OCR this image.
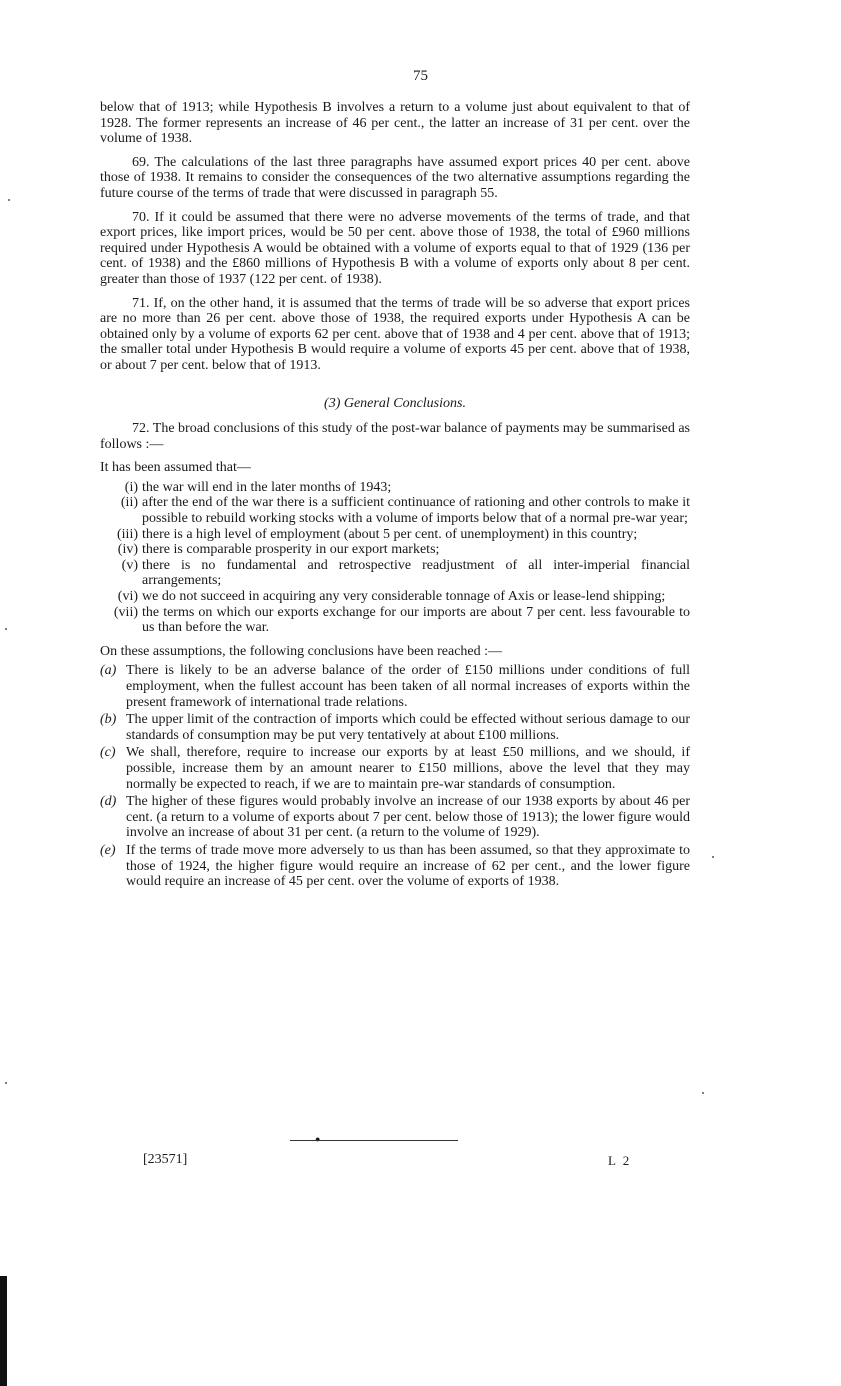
75

below that of 1913; while Hypothesis B involves a return to a volume just about equivalent to that of 1928. The former represents an increase of 46 per cent., the latter an increase of 31 per cent. over the volume of 1938.

69. The calculations of the last three paragraphs have assumed export prices 40 per cent. above those of 1938. It remains to consider the consequences of the two alternative assumptions regarding the future course of the terms of trade that were discussed in paragraph 55.

70. If it could be assumed that there were no adverse movements of the terms of trade, and that export prices, like import prices, would be 50 per cent. above those of 1938, the total of £960 millions required under Hypothesis A would be obtained with a volume of exports equal to that of 1929 (136 per cent. of 1938) and the £860 millions of Hypothesis B with a volume of exports only about 8 per cent. greater than those of 1937 (122 per cent. of 1938).

71. If, on the other hand, it is assumed that the terms of trade will be so adverse that export prices are no more than 26 per cent. above those of 1938, the required exports under Hypothesis A can be obtained only by a volume of exports 62 per cent. above that of 1938 and 4 per cent. above that of 1913; the smaller total under Hypothesis B would require a volume of exports 45 per cent. above that of 1938, or about 7 per cent. below that of 1913.

(3) General Conclusions.

72. The broad conclusions of this study of the post-war balance of payments may be summarised as follows :—

It has been assumed that—
(i) the war will end in the later months of 1943;
(ii) after the end of the war there is a sufficient continuance of rationing and other controls to make it possible to rebuild working stocks with a volume of imports below that of a normal pre-war year;
(iii) there is a high level of employment (about 5 per cent. of unemployment) in this country;
(iv) there is comparable prosperity in our export markets;
(v) there is no fundamental and retrospective readjustment of all inter-imperial financial arrangements;
(vi) we do not succeed in acquiring any very considerable tonnage of Axis or lease-lend shipping;
(vii) the terms on which our exports exchange for our imports are about 7 per cent. less favourable to us than before the war.
On these assumptions, the following conclusions have been reached :—
(a) There is likely to be an adverse balance of the order of £150 millions under conditions of full employment, when the fullest account has been taken of all normal increases of exports within the present framework of international trade relations.
(b) The upper limit of the contraction of imports which could be effected without serious damage to our standards of consumption may be put very tentatively at about £100 millions.
(c) We shall, therefore, require to increase our exports by at least £50 millions, and we should, if possible, increase them by an amount nearer to £150 millions, above the level that they may normally be expected to reach, if we are to maintain pre-war standards of consumption.
(d) The higher of these figures would probably involve an increase of our 1938 exports by about 46 per cent. (a return to a volume of exports about 7 per cent. below those of 1913); the lower figure would involve an increase of about 31 per cent. (a return to the volume of 1929).
(e) If the terms of trade move more adversely to us than has been assumed, so that they approximate to those of 1924, the higher figure would require an increase of 62 per cent., and the lower figure would require an increase of 45 per cent. over the volume of exports of 1938.
●
[23571]	L 2
